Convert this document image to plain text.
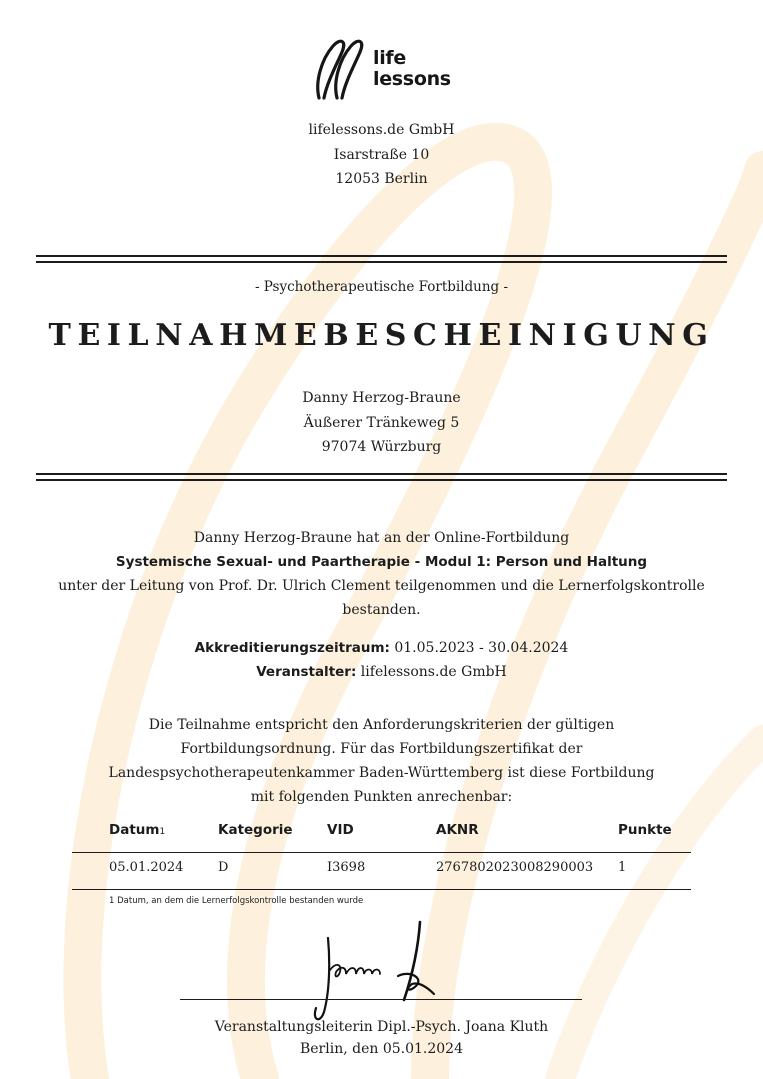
life
lessons
lifelessons.de GmbH
Isarstraße 10
12053 Berlin
- Psychotherapeutische Fortbildung -
TEILNAHMEBESCHEINIGUNG
Danny Herzog-Braune
Äußerer Tränkeweg 5
97074 Würzburg
Danny Herzog-Braune hat an der Online-Fortbildung
Systemische Sexual- und Paartherapie - Modul 1: Person und Haltung
unter der Leitung von Prof. Dr. Ulrich Clement teilgenommen und die Lernerfolgskontrolle
bestanden.
Akkreditierungszeitraum: 01.05.2023 - 30.04.2024
Veranstalter: lifelessons.de GmbH
Die Teilnahme entspricht den Anforderungskriterien der gültigen
Fortbildungsordnung. Für das Fortbildungszertifikat der
Landespsychotherapeutenkammer Baden-Württemberg ist diese Fortbildung
mit folgenden Punkten anrechenbar:
Datum1	Kategorie	VID	AKNR	Punkte
05.01.2024	D	I3698	2767802023008290003 1
1 Datum, an dem die Lernerfolgskontrolle bestanden wurde
Veranstaltungsleiterin Dipl.-Psych. Joana Kluth
Berlin, den 05.01.2024
